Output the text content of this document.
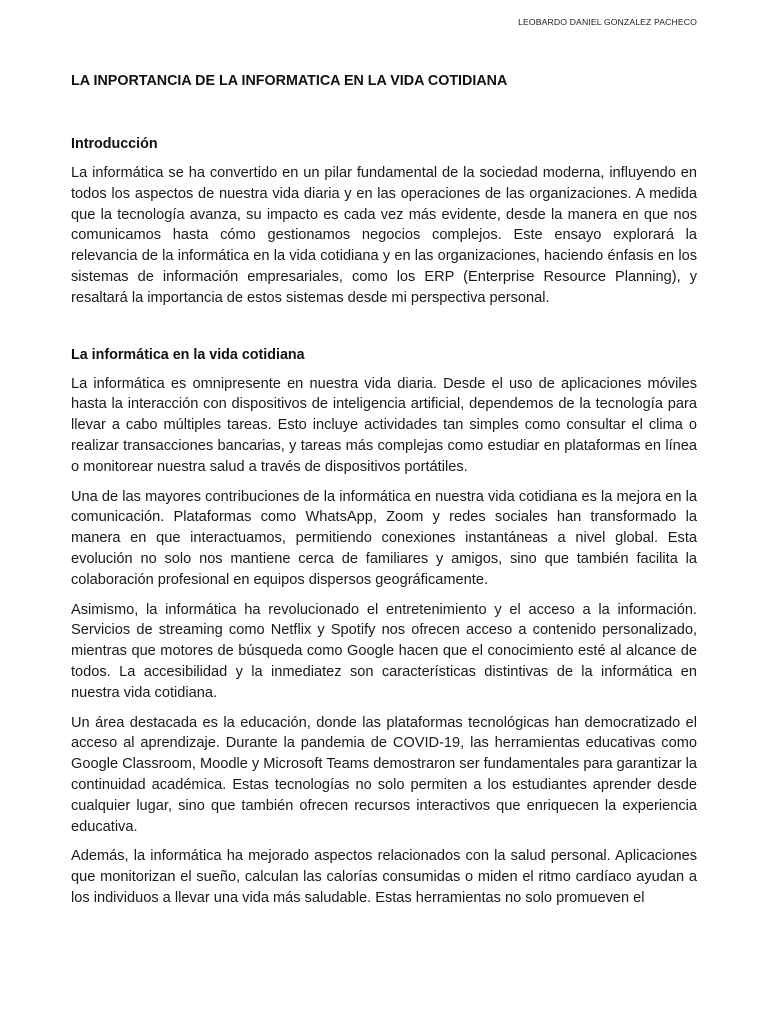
LEOBARDO DANIEL GONZALEZ PACHECO
LA INPORTANCIA DE LA INFORMATICA EN LA VIDA COTIDIANA
Introducción

La informática se ha convertido en un pilar fundamental de la sociedad moderna, influyendo en todos los aspectos de nuestra vida diaria y en las operaciones de las organizaciones. A medida que la tecnología avanza, su impacto es cada vez más evidente, desde la manera en que nos comunicamos hasta cómo gestionamos negocios complejos. Este ensayo explorará la relevancia de la informática en la vida cotidiana y en las organizaciones, haciendo énfasis en los sistemas de información empresariales, como los ERP (Enterprise Resource Planning), y resaltará la importancia de estos sistemas desde mi perspectiva personal.

La informática en la vida cotidiana

La informática es omnipresente en nuestra vida diaria. Desde el uso de aplicaciones móviles hasta la interacción con dispositivos de inteligencia artificial, dependemos de la tecnología para llevar a cabo múltiples tareas. Esto incluye actividades tan simples como consultar el clima o realizar transacciones bancarias, y tareas más complejas como estudiar en plataformas en línea o monitorear nuestra salud a través de dispositivos portátiles.

Una de las mayores contribuciones de la informática en nuestra vida cotidiana es la mejora en la comunicación. Plataformas como WhatsApp, Zoom y redes sociales han transformado la manera en que interactuamos, permitiendo conexiones instantáneas a nivel global. Esta evolución no solo nos mantiene cerca de familiares y amigos, sino que también facilita la colaboración profesional en equipos dispersos geográficamente.

Asimismo, la informática ha revolucionado el entretenimiento y el acceso a la información. Servicios de streaming como Netflix y Spotify nos ofrecen acceso a contenido personalizado, mientras que motores de búsqueda como Google hacen que el conocimiento esté al alcance de todos. La accesibilidad y la inmediatez son características distintivas de la informática en nuestra vida cotidiana.

Un área destacada es la educación, donde las plataformas tecnológicas han democratizado el acceso al aprendizaje. Durante la pandemia de COVID-19, las herramientas educativas como Google Classroom, Moodle y Microsoft Teams demostraron ser fundamentales para garantizar la continuidad académica. Estas tecnologías no solo permiten a los estudiantes aprender desde cualquier lugar, sino que también ofrecen recursos interactivos que enriquecen la experiencia educativa.

Además, la informática ha mejorado aspectos relacionados con la salud personal. Aplicaciones que monitorizan el sueño, calculan las calorías consumidas o miden el ritmo cardíaco ayudan a los individuos a llevar una vida más saludable. Estas herramientas no solo promueven el
